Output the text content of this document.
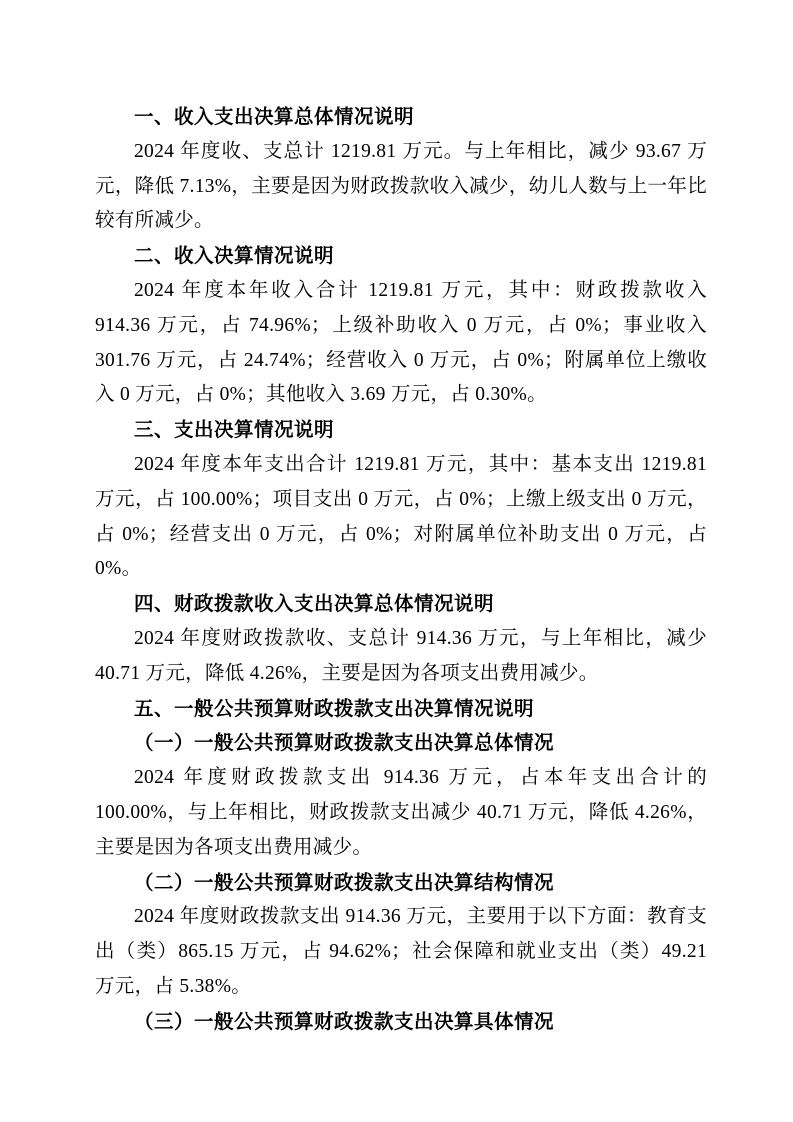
一、收入支出决算总体情况说明

2024 年度收、支总计 1219.81 万元。与上年相比，减少 93.67 万元，降低 7.13%，主要是因为财政拨款收入减少，幼儿人数与上一年比较有所减少。

二、收入决算情况说明

2024 年度本年收入合计 1219.81 万元，其中：财政拨款收入 914.36 万元，占 74.96%；上级补助收入 0 万元，占 0%；事业收入 301.76 万元，占 24.74%；经营收入 0 万元，占 0%；附属单位上缴收入 0 万元，占 0%；其他收入 3.69 万元，占 0.30%。

三、支出决算情况说明

2024 年度本年支出合计 1219.81 万元，其中：基本支出 1219.81 万元，占 100.00%；项目支出 0 万元，占 0%；上缴上级支出 0 万元，占 0%；经营支出 0 万元，占 0%；对附属单位补助支出 0 万元，占 0%。

四、财政拨款收入支出决算总体情况说明

2024 年度财政拨款收、支总计 914.36 万元，与上年相比，减少 40.71 万元，降低 4.26%，主要是因为各项支出费用减少。

五、一般公共预算财政拨款支出决算情况说明
（一）一般公共预算财政拨款支出决算总体情况

2024 年度财政拨款支出 914.36 万元，占本年支出合计的 100.00%，与上年相比，财政拨款支出减少 40.71 万元，降低 4.26%，主要是因为各项支出费用减少。

（二）一般公共预算财政拨款支出决算结构情况

2024 年度财政拨款支出 914.36 万元，主要用于以下方面：教育支出（类）865.15 万元，占 94.62%；社会保障和就业支出（类）49.21 万元，占 5.38%。

（三）一般公共预算财政拨款支出决算具体情况
